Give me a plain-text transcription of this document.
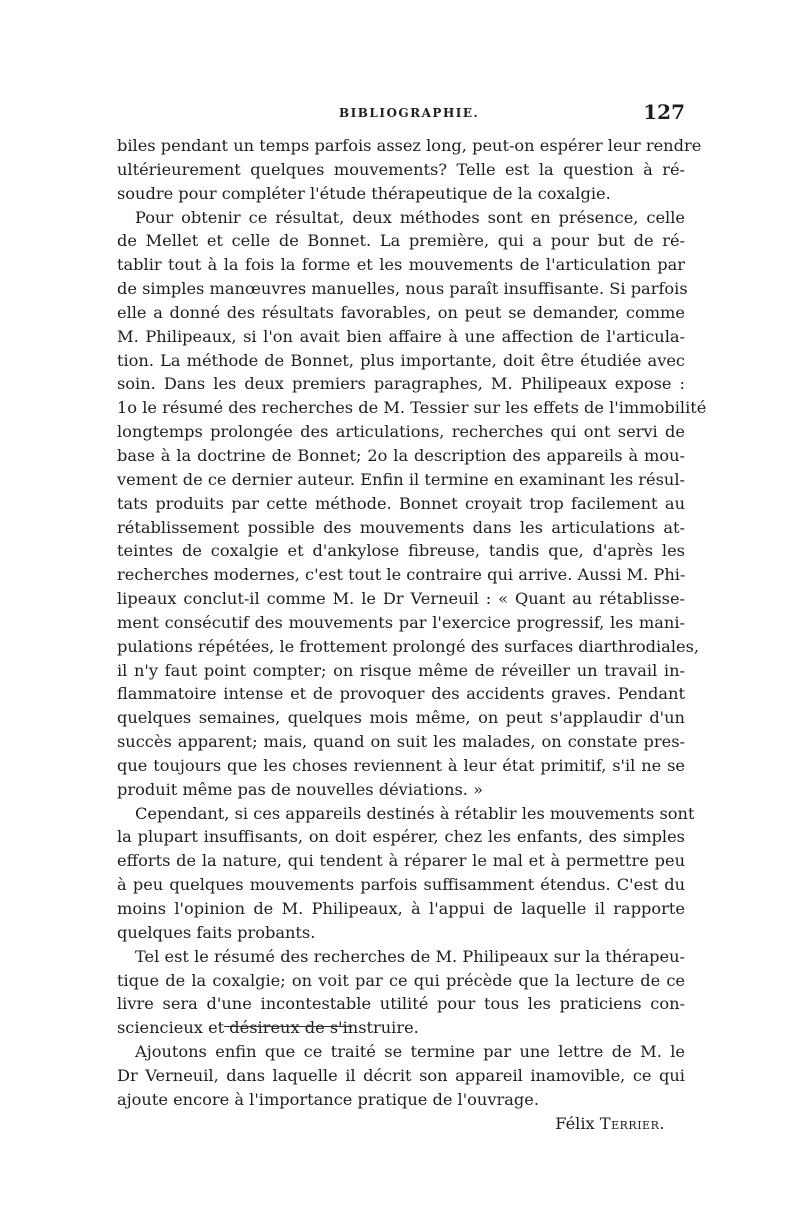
BIBLIOGRAPHIE.	127

biles pendant un temps parfois assez long, peut-on espérer leur rendre
ultérieurement quelques mouvements? Telle est la question à ré-
soudre pour compléter l'étude thérapeutique de la coxalgie.

Pour obtenir ce résultat, deux méthodes sont en présence, celle
de Mellet et celle de Bonnet. La première, qui a pour but de ré-
tablir tout à la fois la forme et les mouvements de l'articulation par
de simples manœuvres manuelles, nous paraît insuffisante. Si parfois
elle a donné des résultats favorables, on peut se demander, comme
M. Philipeaux, si l'on avait bien affaire à une affection de l'articula-
tion. La méthode de Bonnet, plus importante, doit être étudiée avec
soin. Dans les deux premiers paragraphes, M. Philipeaux expose :
1o le résumé des recherches de M. Tessier sur les effets de l'immobilité
longtemps prolongée des articulations, recherches qui ont servi de
base à la doctrine de Bonnet; 2o la description des appareils à mou-
vement de ce dernier auteur. Enfin il termine en examinant les résul-
tats produits par cette méthode. Bonnet croyait trop facilement au
rétablissement possible des mouvements dans les articulations at-
teintes de coxalgie et d'ankylose fibreuse, tandis que, d'après les
recherches modernes, c'est tout le contraire qui arrive. Aussi M. Phi-
lipeaux conclut-il comme M. le Dr Verneuil : « Quant au rétablisse-
ment consécutif des mouvements par l'exercice progressif, les mani-
pulations répétées, le frottement prolongé des surfaces diarthrodiales,
il n'y faut point compter; on risque même de réveiller un travail in-
flammatoire intense et de provoquer des accidents graves. Pendant
quelques semaines, quelques mois même, on peut s'applaudir d'un
succès apparent; mais, quand on suit les malades, on constate pres-
que toujours que les choses reviennent à leur état primitif, s'il ne se
produit même pas de nouvelles déviations. »

Cependant, si ces appareils destinés à rétablir les mouvements sont
la plupart insuffisants, on doit espérer, chez les enfants, des simples
efforts de la nature, qui tendent à réparer le mal et à permettre peu
à peu quelques mouvements parfois suffisamment étendus. C'est du
moins l'opinion de M. Philipeaux, à l'appui de laquelle il rapporte
quelques faits probants.

Tel est le résumé des recherches de M. Philipeaux sur la thérapeu-
tique de la coxalgie; on voit par ce qui précède que la lecture de ce
livre sera d'une incontestable utilité pour tous les praticiens con-
sciencieux et désireux de s'instruire.

Ajoutons enfin que ce traité se termine par une lettre de M. le
Dr Verneuil, dans laquelle il décrit son appareil inamovible, ce qui
ajoute encore à l'importance pratique de l'ouvrage.

Félix Terrier.
